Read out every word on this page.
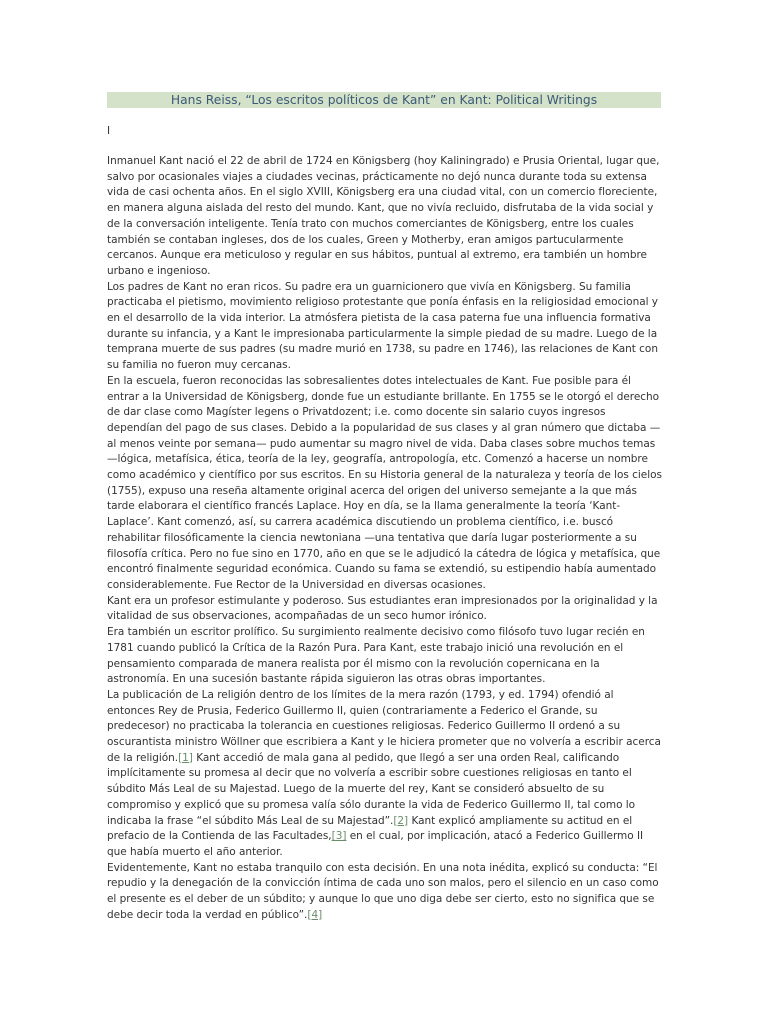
Hans Reiss, “Los escritos políticos de Kant” en Kant: Political Writings
I

Inmanuel Kant nació el 22 de abril de 1724 en Königsberg (hoy Kaliningrado) e Prusia Oriental, lugar que, salvo por ocasionales viajes a ciudades vecinas, prácticamente no dejó nunca durante toda su extensa vida de casi ochenta años. En el siglo XVIII, Königsberg era una ciudad vital, con un comercio floreciente, en manera alguna aislada del resto del mundo. Kant, que no vivía recluido, disfrutaba de la vida social y de la conversación inteligente. Tenía trato con muchos comerciantes de Königsberg, entre los cuales también se contaban ingleses, dos de los cuales, Green y Motherby, eran amigos partucularmente cercanos. Aunque era meticuloso y regular en sus hábitos, puntual al extremo, era también un hombre urbano e ingenioso.

Los padres de Kant no eran ricos. Su padre era un guarnicionero que vivía en Königsberg. Su familia practicaba el pietismo, movimiento religioso protestante que ponía énfasis en la religiosidad emocional y en el desarrollo de la vida interior. La atmósfera pietista de la casa paterna fue una influencia formativa durante su infancia, y a Kant le impresionaba particularmente la simple piedad de su madre. Luego de la temprana muerte de sus padres (su madre murió en 1738, su padre en 1746), las relaciones de Kant con su familia no fueron muy cercanas.

En la escuela, fueron reconocidas las sobresalientes dotes intelectuales de Kant. Fue posible para él entrar a la Universidad de Königsberg, donde fue un estudiante brillante. En 1755 se le otorgó el derecho de dar clase como Magíster legens o Privatdozent; i.e. como docente sin salario cuyos ingresos dependían del pago de sus clases. Debido a la popularidad de sus clases y al gran número que dictaba —al menos veinte por semana— pudo aumentar su magro nivel de vida. Daba clases sobre muchos temas —lógica, metafísica, ética, teoría de la ley, geografía, antropología, etc. Comenzó a hacerse un nombre como académico y científico por sus escritos. En su Historia general de la naturaleza y teoría de los cielos (1755), expuso una reseña altamente original acerca del origen del universo semejante a la que más tarde elaborara el científico francés Laplace. Hoy en día, se la llama generalmente la teoría ‘Kant-Laplace’. Kant comenzó, así, su carrera académica discutiendo un problema científico, i.e. buscó rehabilitar filosóficamente la ciencia newtoniana —una tentativa que daría lugar posteriormente a su filosofía crítica. Pero no fue sino en 1770, año en que se le adjudicó la cátedra de lógica y metafísica, que encontró finalmente seguridad económica. Cuando su fama se extendió, su estipendio había aumentado considerablemente. Fue Rector de la Universidad en diversas ocasiones.

Kant era un profesor estimulante y poderoso. Sus estudiantes eran impresionados por la originalidad y la vitalidad de sus observaciones, acompañadas de un seco humor irónico.

Era también un escritor prolífico. Su surgimiento realmente decisivo como filósofo tuvo lugar recién en 1781 cuando publicó la Crítica de la Razón Pura. Para Kant, este trabajo inició una revolución en el pensamiento comparada de manera realista por él mismo con la revolución copernicana en la astronomía. En una sucesión bastante rápida siguieron las otras obras importantes.

La publicación de La religión dentro de los límites de la mera razón (1793, y ed. 1794) ofendió al entonces Rey de Prusia, Federico Guillermo II, quien (contrariamente a Federico el Grande, su predecesor) no practicaba la tolerancia en cuestiones religiosas. Federico Guillermo II ordenó a su oscurantista ministro Wöllner que escribiera a Kant y le hiciera prometer que no volvería a escribir acerca de la religión.[1] Kant accedió de mala gana al pedido, que llegó a ser una orden Real, calificando implícitamente su promesa al decir que no volvería a escribir sobre cuestiones religiosas en tanto el súbdito Más Leal de su Majestad. Luego de la muerte del rey, Kant se consideró absuelto de su compromiso y explicó que su promesa valía sólo durante la vida de Federico Guillermo II, tal como lo indicaba la frase “el súbdito Más Leal de su Majestad”.[2] Kant explicó ampliamente su actitud en el prefacio de la Contienda de las Facultades,[3] en el cual, por implicación, atacó a Federico Guillermo II que había muerto el año anterior.

Evidentemente, Kant no estaba tranquilo con esta decisión. En una nota inédita, explicó su conducta: “El repudio y la denegación de la convicción íntima de cada uno son malos, pero el silencio en un caso como el presente es el deber de un súbdito; y aunque lo que uno diga debe ser cierto, esto no significa que se debe decir toda la verdad en público”.[4]
